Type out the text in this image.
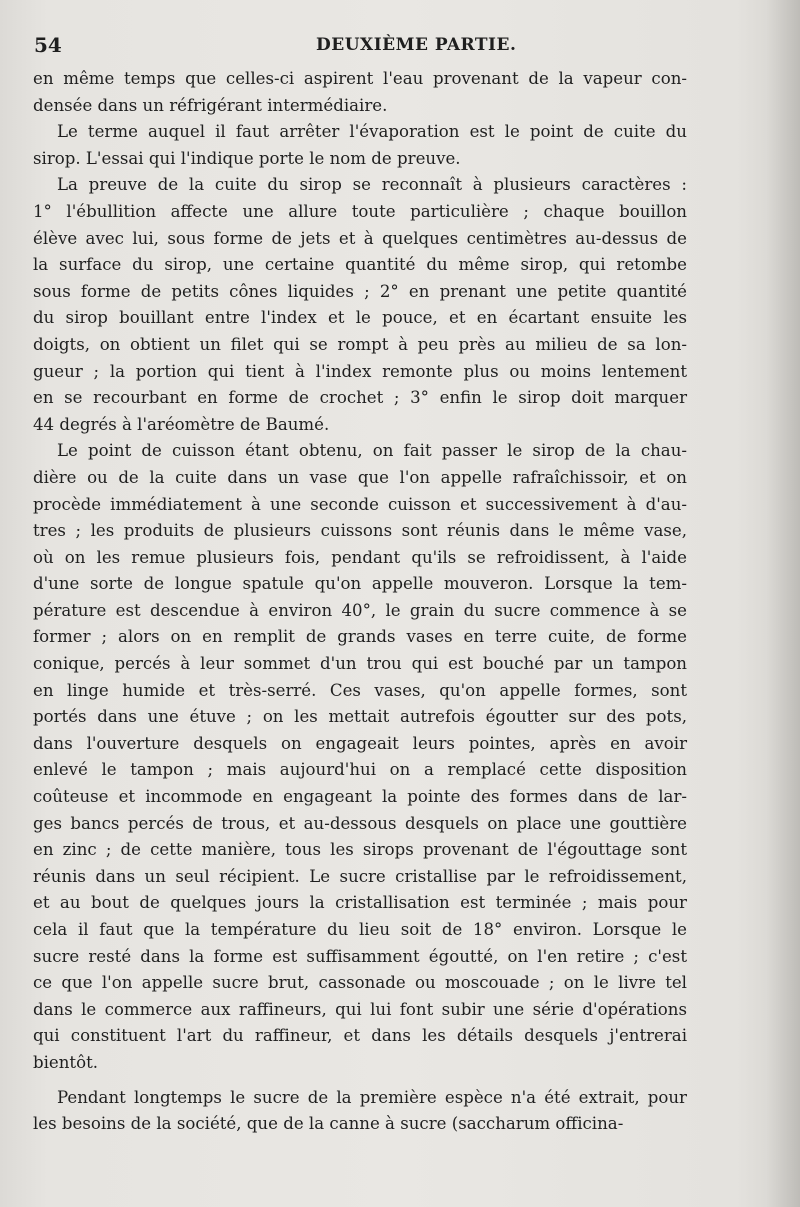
54	DEUXIÈME PARTIE.
en même temps que celles-ci aspirent l'eau provenant de la vapeur con-
densée dans un réfrigérant intermédiaire.
Le terme auquel il faut arrêter l'évaporation est le point de cuite du
sirop. L'essai qui l'indique porte le nom de preuve.
La preuve de la cuite du sirop se reconnaît à plusieurs caractères :
1° l'ébullition affecte une allure toute particulière ; chaque bouillon
élève avec lui, sous forme de jets et à quelques centimètres au-dessus de
la surface du sirop, une certaine quantité du même sirop, qui retombe
sous forme de petits cônes liquides ; 2° en prenant une petite quantité
du sirop bouillant entre l'index et le pouce, et en écartant ensuite les
doigts, on obtient un filet qui se rompt à peu près au milieu de sa lon-
gueur ; la portion qui tient à l'index remonte plus ou moins lentement
en se recourbant en forme de crochet ; 3° enfin le sirop doit marquer
44 degrés à l'aréomètre de Baumé.
Le point de cuisson étant obtenu, on fait passer le sirop de la chau-
dière ou de la cuite dans un vase que l'on appelle rafraîchissoir, et on
procède immédiatement à une seconde cuisson et successivement à d'au-
tres ; les produits de plusieurs cuissons sont réunis dans le même vase,
où on les remue plusieurs fois, pendant qu'ils se refroidissent, à l'aide
d'une sorte de longue spatule qu'on appelle mouveron. Lorsque la tem-
pérature est descendue à environ 40°, le grain du sucre commence à se
former ; alors on en remplit de grands vases en terre cuite, de forme
conique, percés à leur sommet d'un trou qui est bouché par un tampon
en linge humide et très-serré. Ces vases, qu'on appelle formes, sont
portés dans une étuve ; on les mettait autrefois égoutter sur des pots,
dans l'ouverture desquels on engageait leurs pointes, après en avoir
enlevé le tampon ; mais aujourd'hui on a remplacé cette disposition
coûteuse et incommode en engageant la pointe des formes dans de lar-
ges bancs percés de trous, et au-dessous desquels on place une gouttière
en zinc ; de cette manière, tous les sirops provenant de l'égouttage sont
réunis dans un seul récipient. Le sucre cristallise par le refroidissement,
et au bout de quelques jours la cristallisation est terminée ; mais pour
cela il faut que la température du lieu soit de 18° environ. Lorsque le
sucre resté dans la forme est suffisamment égoutté, on l'en retire ; c'est
ce que l'on appelle sucre brut, cassonade ou moscouade ; on le livre tel
dans le commerce aux raffineurs, qui lui font subir une série d'opérations
qui constituent l'art du raffineur, et dans les détails desquels j'entrerai
bientôt.
Pendant longtemps le sucre de la première espèce n'a été extrait, pour
les besoins de la société, que de la canne à sucre (saccharum officina-
